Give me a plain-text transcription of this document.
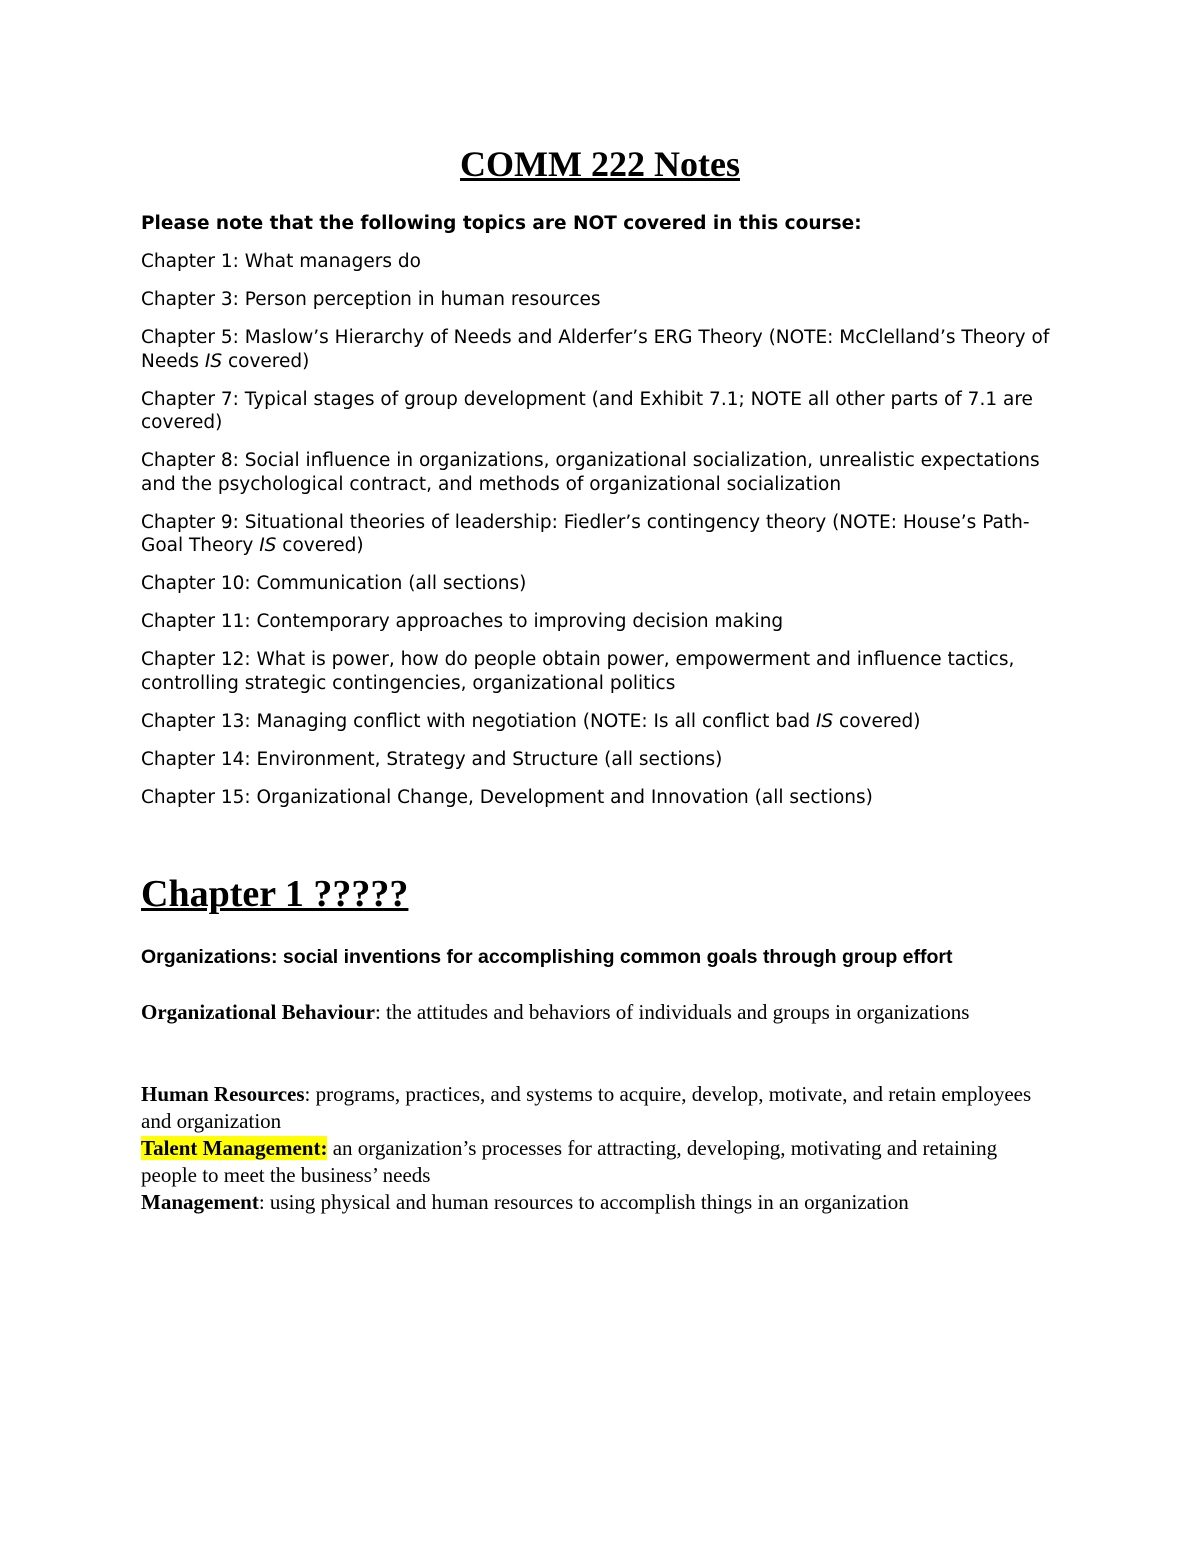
COMM 222 Notes

Please note that the following topics are NOT covered in this course:

Chapter 1: What managers do
Chapter 3: Person perception in human resources
Chapter 5: Maslow’s Hierarchy of Needs and Alderfer’s ERG Theory (NOTE: McClelland’s Theory of Needs IS covered)
Chapter 7: Typical stages of group development (and Exhibit 7.1; NOTE all other parts of 7.1 are covered)
Chapter 8: Social influence in organizations, organizational socialization, unrealistic expectations and the psychological contract, and methods of organizational socialization
Chapter 9: Situational theories of leadership: Fiedler’s contingency theory (NOTE: House’s Path-Goal Theory IS covered)
Chapter 10: Communication (all sections)
Chapter 11: Contemporary approaches to improving decision making
Chapter 12: What is power, how do people obtain power, empowerment and influence tactics, controlling strategic contingencies, organizational politics
Chapter 13: Managing conflict with negotiation (NOTE: Is all conflict bad IS covered)
Chapter 14: Environment, Strategy and Structure (all sections)
Chapter 15: Organizational Change, Development and Innovation (all sections)
Chapter 1 ?????

Organizations: social inventions for accomplishing common goals through group effort

Organizational Behaviour: the attitudes and behaviors of individuals and groups in organizations

Human Resources: programs, practices, and systems to acquire, develop, motivate, and retain employees and organization

Talent Management: an organization’s processes for attracting, developing, motivating and retaining people to meet the business’ needs

Management: using physical and human resources to accomplish things in an organization
